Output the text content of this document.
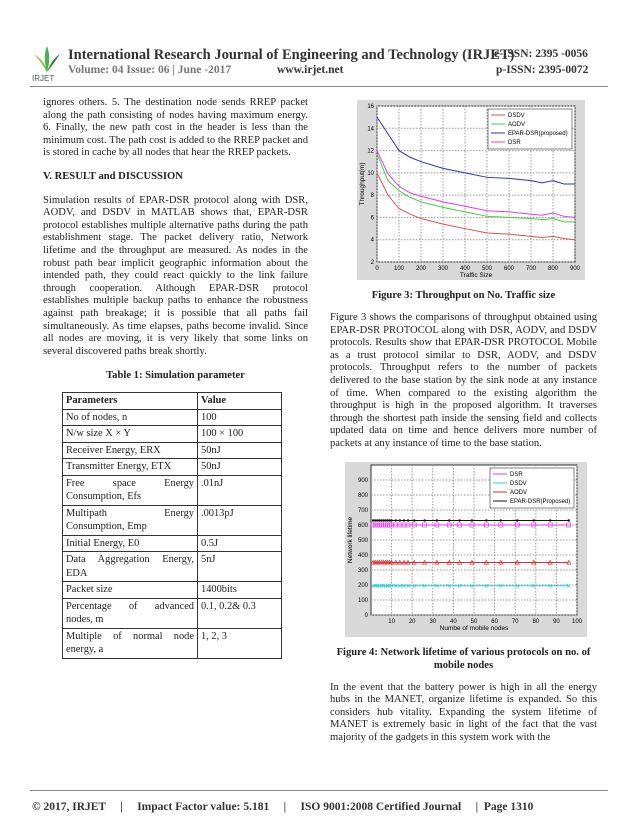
IRJET
International Research Journal of Engineering and Technology (IRJET)
Volume: 04 Issue: 06 | June -2017	www.irjet.net
e-ISSN: 2395 -0056
p-ISSN: 2395-0072

ignores others. 5. The destination node sends RREP packet along the path consisting of nodes having maximum energy. 6. Finally, the new path cost in the header is less than the minimum cost. The path cost is added to the RREP packet and is stored in cache by all nodes that hear the RREP packets.

V. RESULT and DISCUSSION

Simulation results of EPAR-DSR protocol along with DSR, AODV, and DSDV in MATLAB shows that, EPAR-DSR protocol establishes multiple alternative paths during the path establishment stage. The packet delivery ratio, Network lifetime and the throughput are measured. As nodes in the robust path bear implicit geographic information about the intended path, they could react quickly to the link failure through cooperation. Although EPAR-DSR protocol establishes multiple backup paths to enhance the robustness against path breakage; it is possible that all paths fail simultaneously. As time elapses, paths become invalid. Since all nodes are moving, it is very likely that some links on several discovered paths break shortly.

Table 1: Simulation parameter
Parameters	Value
No of nodes, n	100
N/w size X × Y	100 × 100
Receiver Energy, ERX	50nJ
Transmitter Energy, ETX	50nJ
Free space Energy Consumption, Efs	.01nJ
Multipath Energy Consumption, Emp	.0013pJ
Initial Energy, E0	0.5J
Data Aggregation Energy, EDA	5nJ
Packet size	1400bits
Percentage of advanced nodes, m	0.1, 0.2& 0.3
Multiple of normal node energy, a	1, 2, 3
0	100 200 300 400 500 600 700 800 900
2
4
6
8
10
12
14
16
Traffic Size
Throughput(m)
DSDV
AODV
EPAR-DSR(proposed)
DSR
Figure 3: Throughput on No. Traffic size

Figure 3 shows the comparisons of throughput obtained using EPAR-DSR PROTOCOL along with DSR, AODV, and DSDV protocols. Results show that EPAR-DSR PROTOCOL Mobile as a trust protocol similar to DSR, AODV, and DSDV protocols. Throughput refers to the number of packets delivered to the base station by the sink node at any instance of time. When compared to the existing algorithm the throughput is high in the proposed algorithm. It traverses through the shortest path inside the sensing field and collects updated data on time and hence delivers more number of packets at any instance of time to the base station.

10 20 30 40 50 60 70 80 90 100
0
100
200
300
400
500
600
700
800
900
Numbe of mobile nodes
Network lifetime
DSR
DSDV
AODV
EPAR-DSR(Proposed)
Figure 4: Network lifetime of various protocols on no. of mobile nodes

In the event that the battery power is high in all the energy hubs in the MANET, organize lifetime is expanded. So this considers hub vitality. Expanding the system lifetime of MANET is extremely basic in light of the fact that the vast majority of the gadgets in this system work with the

© 2017, IRJET     |     Impact Factor value: 5.181     |     ISO 9001:2008 Certified Journal     |  Page 1310
